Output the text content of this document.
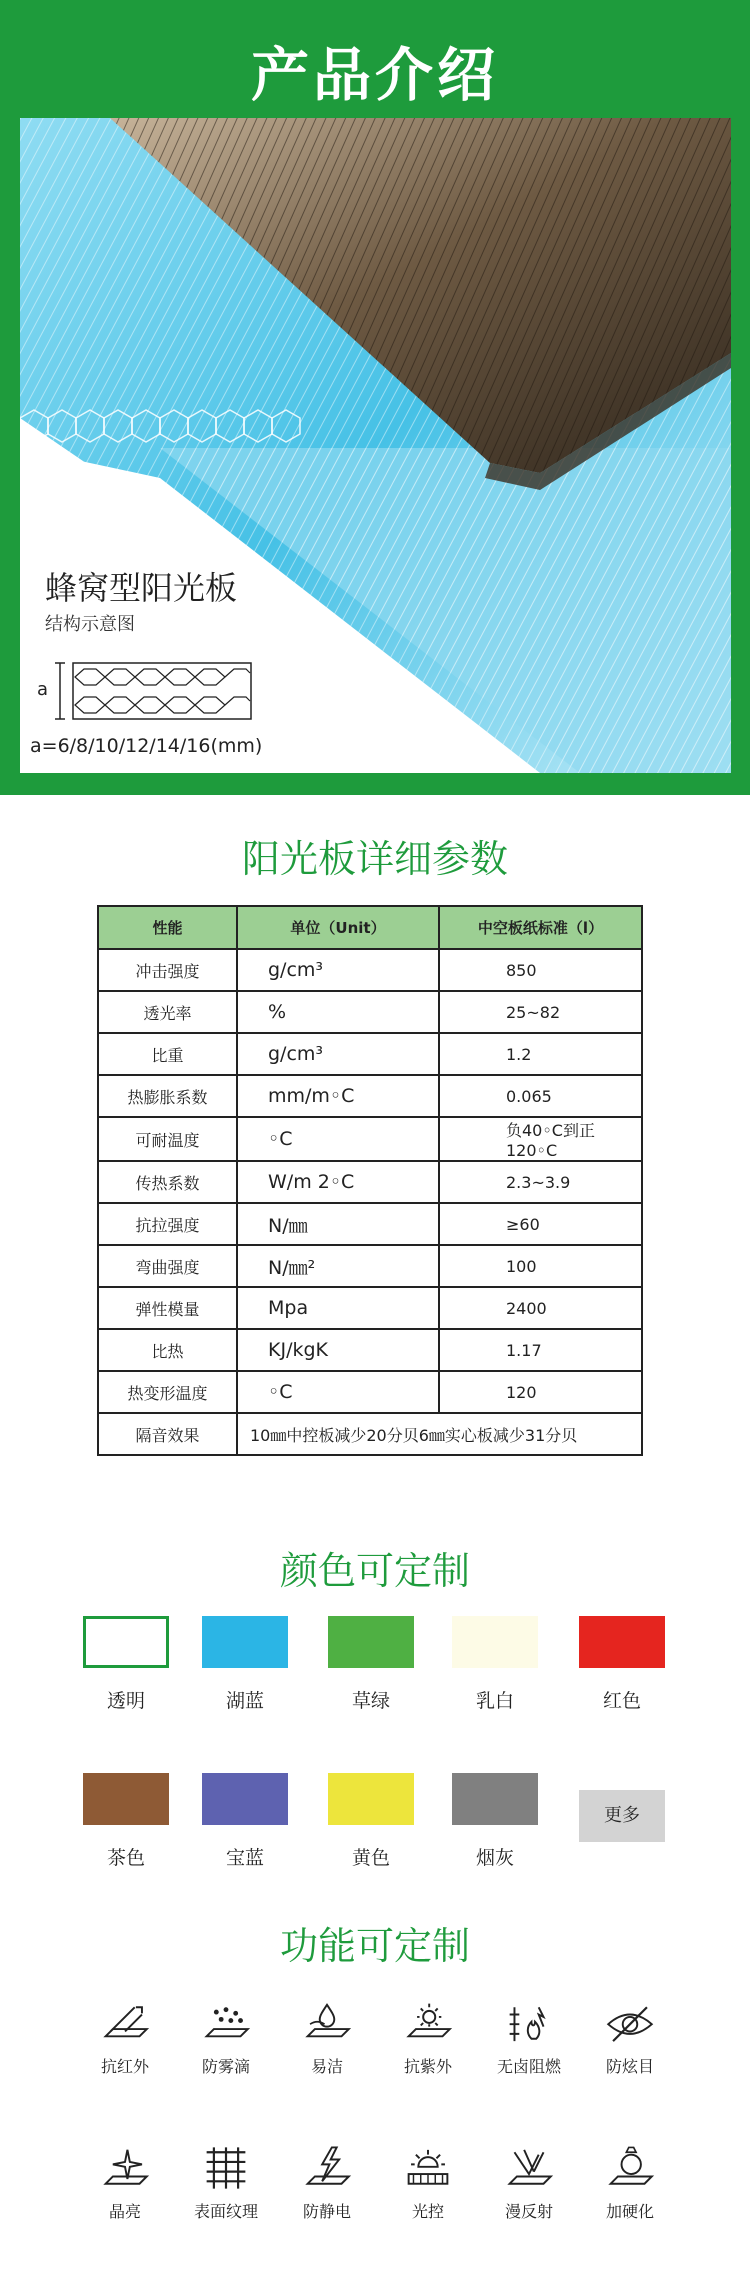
产品介绍
蜂窝型阳光板
结构示意图
a
a=6/8/10/12/14/16(mm)
阳光板详细参数
性能	单位（Unit）	中空板纸标准（l）
冲击强度	g/cm³	850
透光率	%	25~82
比重	g/cm³	1.2
热膨胀系数	mm/m◦C	0.065
可耐温度	◦C	负40◦C到正120◦C
传热系数	W/m 2◦C	2.3~3.9
抗拉强度	N/㎜	≥60
弯曲强度	N/㎜²	100
弹性模量	Mpa	2400
比热	KJ/kgK	1.17
热变形温度	◦C	120
隔音效果	10㎜中控板减少20分贝6㎜实心板减少31分贝	
颜色可定制
透明	湖蓝	草绿	乳白	红色
茶色	宝蓝	黄色	烟灰
更多
功能可定制
抗红外	防雾滴	易洁	抗紫外	无卤阻燃	防炫目
晶亮	表面纹理	防静电	光控	漫反射	加硬化
